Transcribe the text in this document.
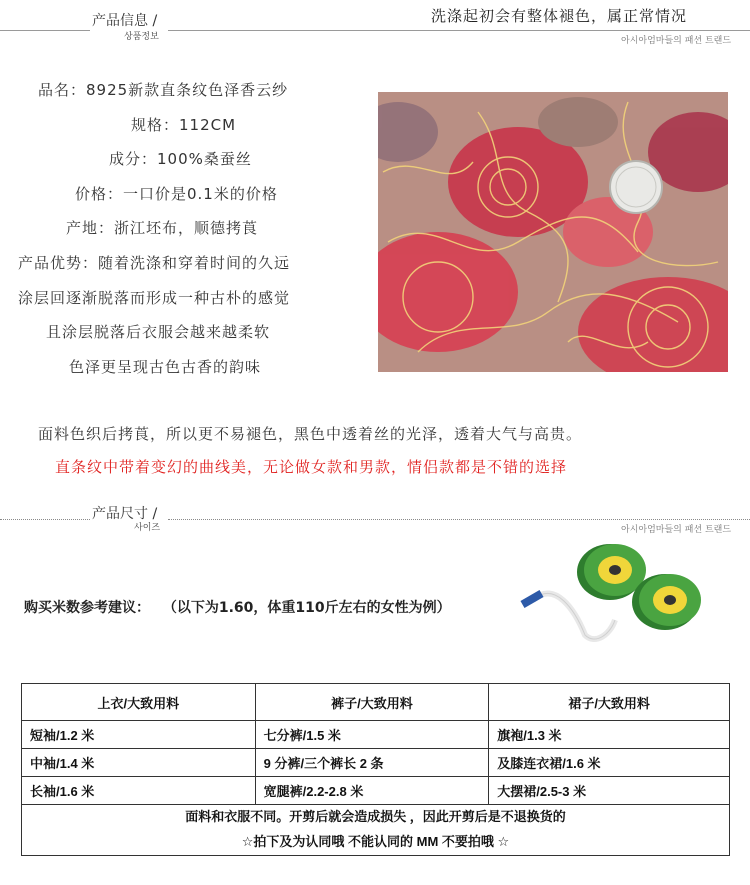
产品信息 /
상품정보
洗涤起初会有整体褪色，属正常情况
아시아엄마들의 패션 트랜드
品名：8925新款直条纹色泽香云纱
规格：112CM
成分：100%桑蚕丝
价格：一口价是0.1米的价格
产地：浙江坯布，顺德拷莨
产品优势：随着洗涤和穿着时间的久远
涂层回逐渐脱落而形成一种古朴的感觉
且涂层脱落后衣服会越来越柔软
色泽更呈现古色古香的韵味
面料色织后拷莨，所以更不易褪色，黑色中透着丝的光泽，透着大气与高贵。
直条纹中带着变幻的曲线美，无论做女款和男款，情侣款都是不错的选择
产品尺寸 /
사이즈	아시아엄마들의 패션 트랜드
购买米数参考建议： （以下为1.60，体重110斤左右的女性为例）
上衣/大致用料	裤子/大致用料	裙子/大致用料
短袖/1.2 米	七分裤/1.5 米	旗袍/1.3 米
中袖/1.4 米	9 分裤/三个裤长 2 条	及膝连衣裙/1.6 米
长袖/1.6 米	宽腿裤/2.2-2.8 米	大摆裙/2.5-3 米

面料和衣服不同。开剪后就会造成损失 ，因此开剪后是不退换货的
☆拍下及为认同哦 不能认同的 MM 不要拍哦 ☆		
